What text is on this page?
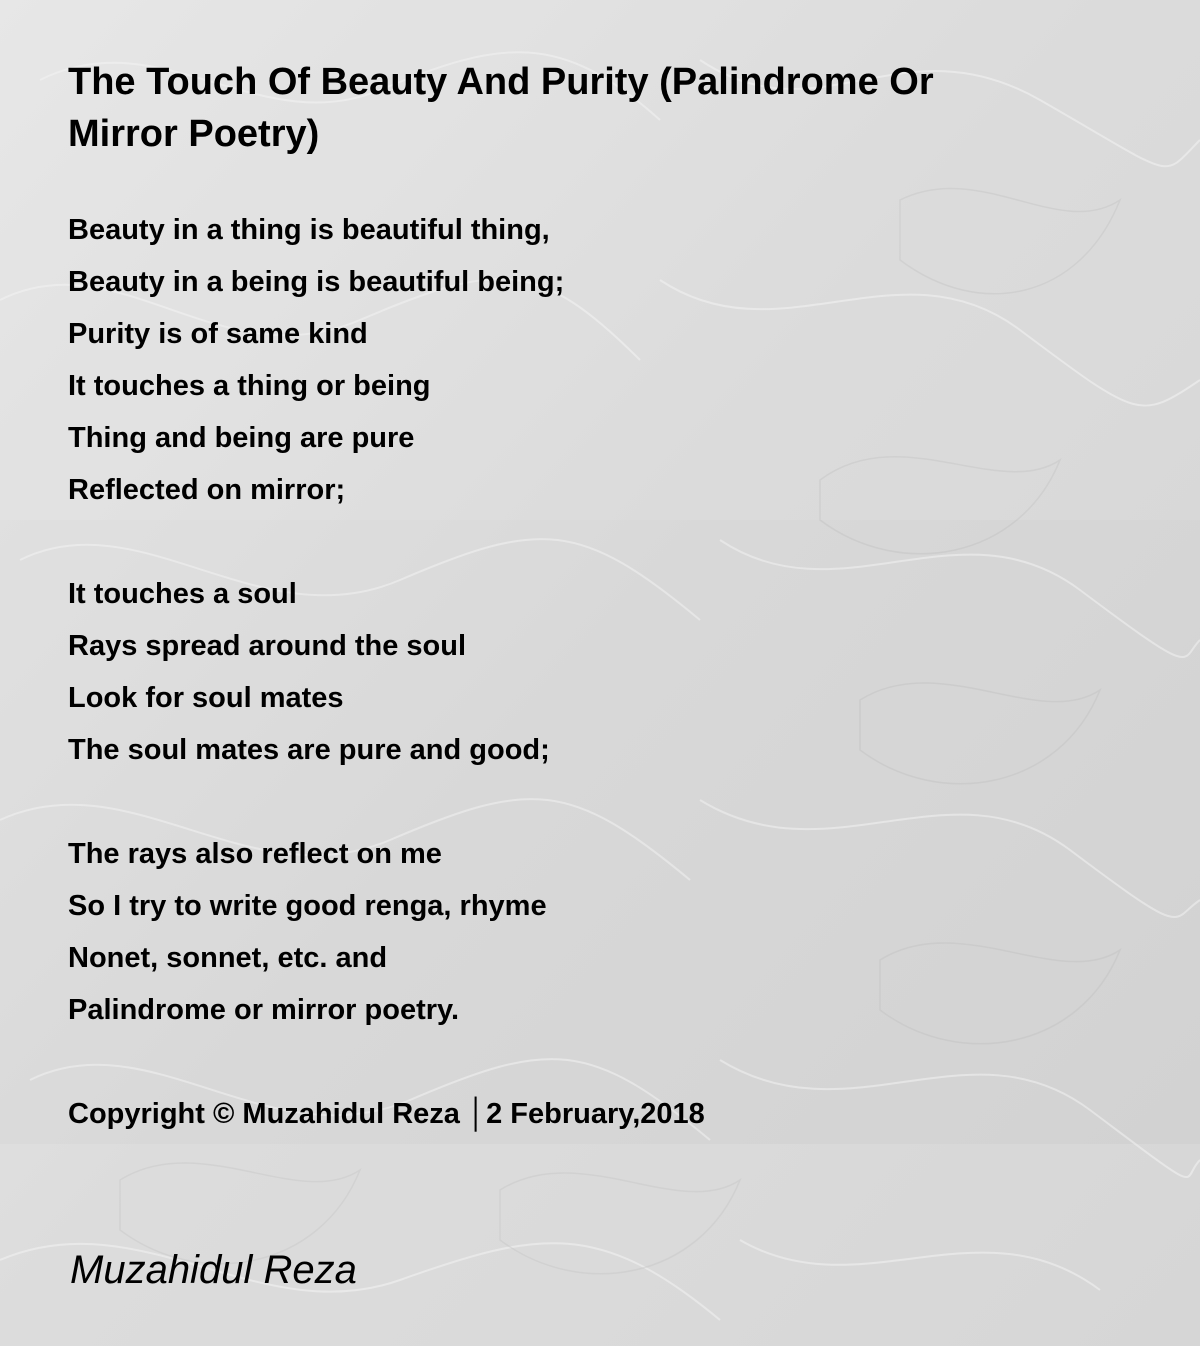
The Touch Of Beauty And Purity (Palindrome Or Mirror Poetry)
Beauty in a thing is beautiful thing,
Beauty in a being is beautiful being;
Purity is of same kind
It touches a thing or being
Thing and being are pure
Reflected on mirror;
It touches a soul
Rays spread around the soul
Look for soul mates
The soul mates are pure and good;
The rays also reflect on me
So I try to write good renga, rhyme
Nonet, sonnet, etc. and
Palindrome or mirror poetry.
Copyright © Muzahidul Reza │2 February,2018
Muzahidul Reza
